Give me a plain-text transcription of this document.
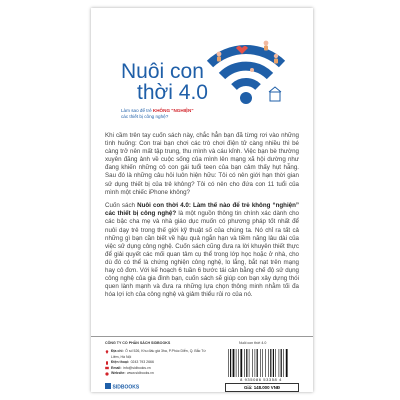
Nuôi con
thời 4.0
Làm sao để trẻ KHÔNG "NGHIỆN"
các thiết bị công nghệ?

Khi cầm trên tay cuốn sách này, chắc hẳn bạn đã từng rơi vào những tình huống: Con trai bạn chơi các trò chơi điện tử càng nhiều thì bé càng trở nên mất tập trung, thu mình và cáu kỉnh. Việc bạn bè thường xuyên đăng ảnh về cuộc sống của mình lên mạng xã hội dường như đang khiến những cô con gái tuổi teen của bạn cảm thấy hụt hẫng. Sau đó là những câu hỏi luôn hiện hữu: Tôi có nên giới hạn thời gian sử dụng thiết bị của trẻ không? Tôi có nên cho đứa con 11 tuổi của mình một chiếc iPhone không?

Cuốn sách Nuôi con thời 4.0: Làm thế nào để trẻ không “nghiện” các thiết bị công nghệ? là một nguồn thông tin chính xác dành cho các bậc cha mẹ và nhà giáo dục muốn có phương pháp tốt nhất để nuôi dạy trẻ trong thế giới kỹ thuật số của chúng ta. Nó chỉ ra tất cả những gì bạn cần biết về hậu quả ngắn hạn và tiềm năng lâu dài của việc sử dụng công nghệ. Cuốn sách cũng đưa ra lời khuyên thiết thực để giải quyết các mối quan tâm cụ thể trong lớp học hoặc ở nhà, cho dù đó có thể là chứng nghiện công nghệ, lo lắng, bắt nạt trên mạng hay cô đơn. Với kế hoạch 6 tuần 6 bước tái cân bằng chế độ sử dụng công nghệ của gia đình bạn, cuốn sách sẽ giúp con bạn xây dựng thói quen lành mạnh và đưa ra những lựa chọn thông minh nhằm tối đa hóa lợi ích của công nghệ và giảm thiểu rủi ro của nó.

CÔNG TY CỔ PHẦN SÁCH SIDBOOKS	Nuôi con thời 4.0
Địa chỉ: Ô số 526, Khu đấu giá 3ha, P.Phúc Diễn, Q. Bắc Từ Liêm, Hà Nội
Điện thoại: 0243 793 2666
Email: info@sidbooks.vn
Website: www.sidbooks.vn
SIDBOOKS
8 935086 53358 4
Giá: 148.000 VNĐ
